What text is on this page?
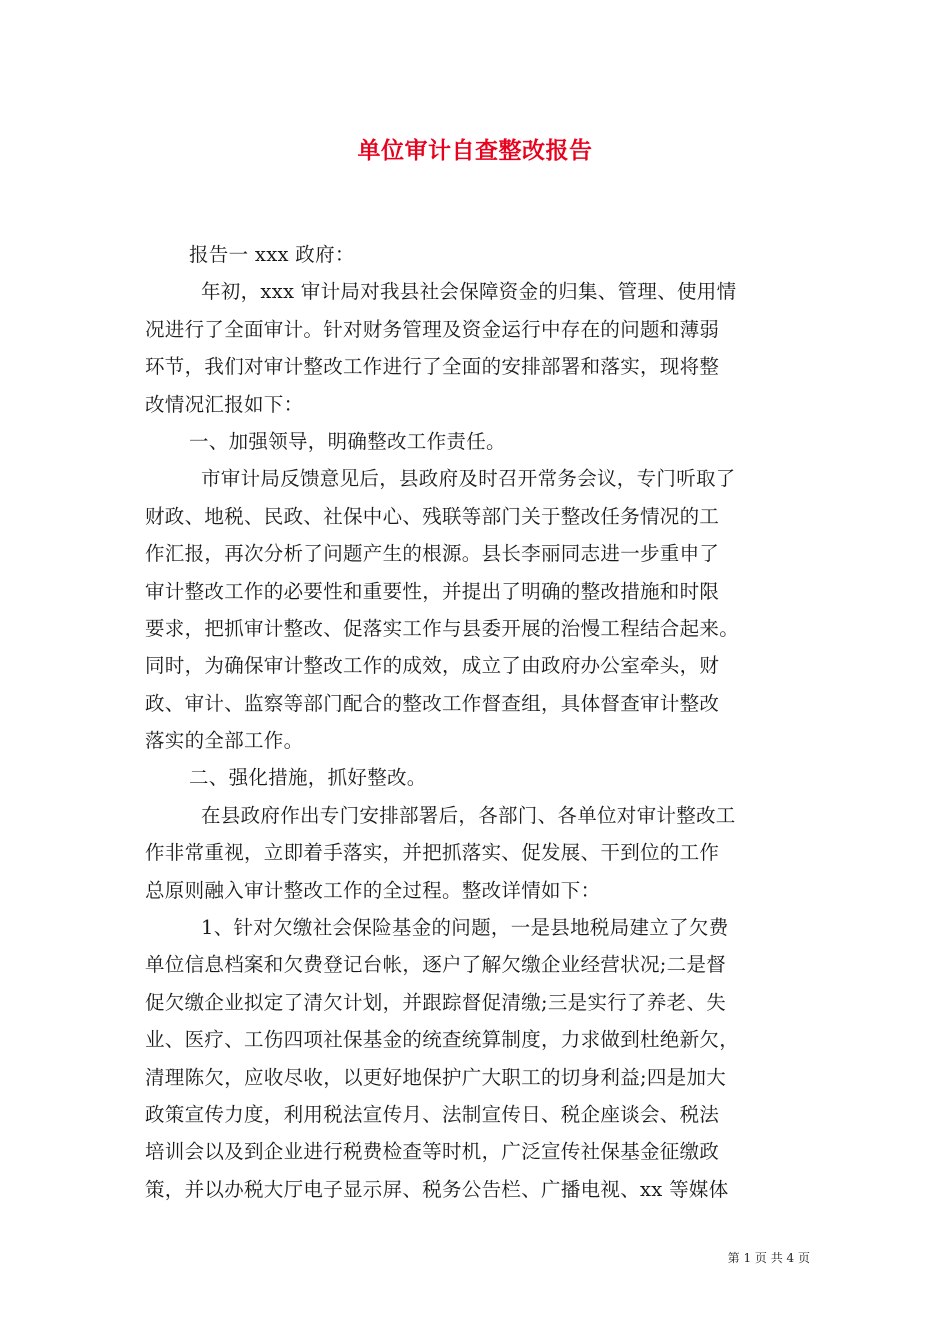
单位审计自查整改报告
报告一 xxx 政府：
年初，xxx 审计局对我县社会保障资金的归集、管理、使用情
况进行了全面审计。针对财务管理及资金运行中存在的问题和薄弱
环节，我们对审计整改工作进行了全面的安排部署和落实，现将整
改情况汇报如下：
一、加强领导，明确整改工作责任。
市审计局反馈意见后，县政府及时召开常务会议，专门听取了
财政、地税、民政、社保中心、残联等部门关于整改任务情况的工
作汇报，再次分析了问题产生的根源。县长李丽同志进一步重申了
审计整改工作的必要性和重要性，并提出了明确的整改措施和时限
要求，把抓审计整改、促落实工作与县委开展的治慢工程结合起来。
同时，为确保审计整改工作的成效，成立了由政府办公室牵头，财
政、审计、监察等部门配合的整改工作督查组，具体督查审计整改
落实的全部工作。
二、强化措施，抓好整改。
在县政府作出专门安排部署后，各部门、各单位对审计整改工
作非常重视，立即着手落实，并把抓落实、促发展、干到位的工作
总原则融入审计整改工作的全过程。整改详情如下：
1、针对欠缴社会保险基金的问题，一是县地税局建立了欠费
单位信息档案和欠费登记台帐，逐户了解欠缴企业经营状况;二是督
促欠缴企业拟定了清欠计划，并跟踪督促清缴;三是实行了养老、失
业、医疗、工伤四项社保基金的统查统算制度，力求做到杜绝新欠，
清理陈欠，应收尽收，以更好地保护广大职工的切身利益;四是加大
政策宣传力度，利用税法宣传月、法制宣传日、税企座谈会、税法
培训会以及到企业进行税费检查等时机，广泛宣传社保基金征缴政
策，并以办税大厅电子显示屏、税务公告栏、广播电视、xx 等媒体
第 1 页 共 4 页
